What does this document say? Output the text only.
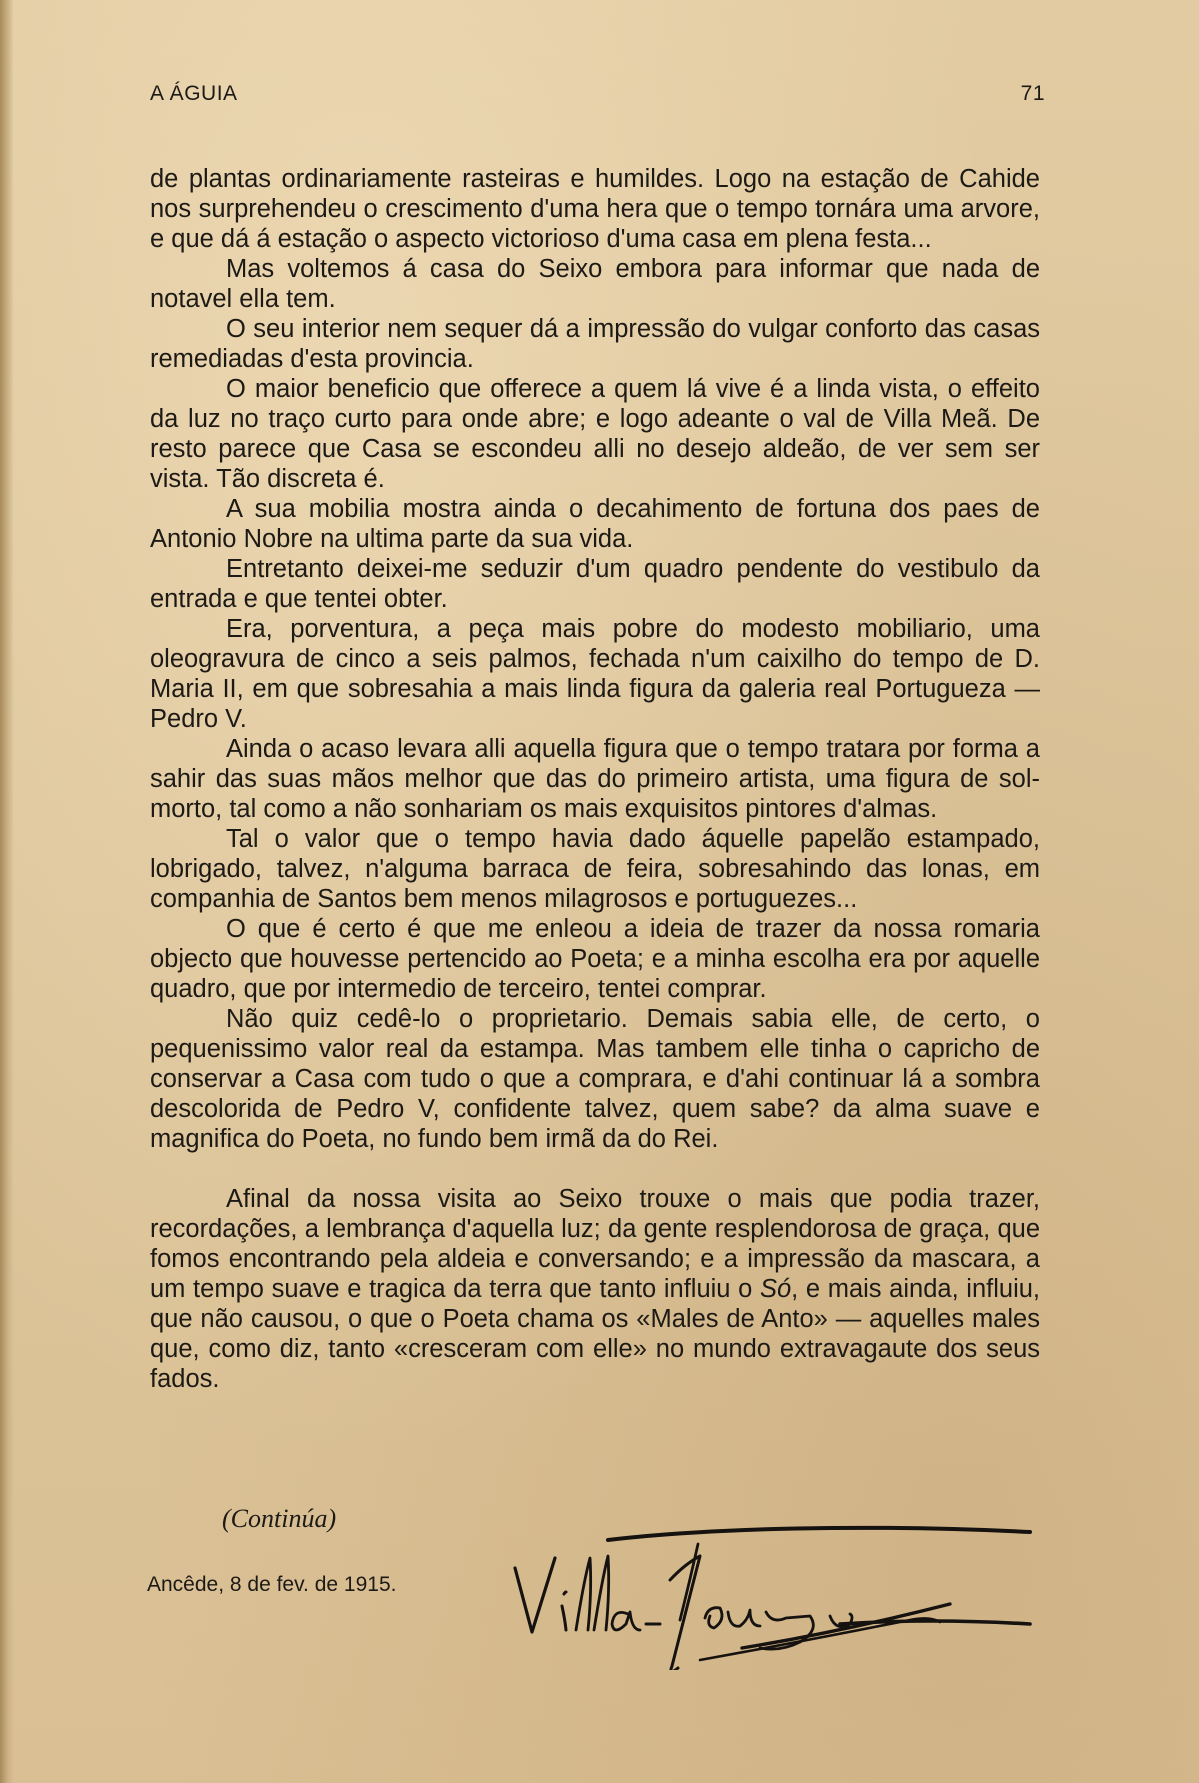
A ÁGUIA	71

de plantas ordinariamente rasteiras e humildes. Logo na estação de Cahide nos surprehendeu o crescimento d'uma hera que o tempo tornára uma arvore, e que dá á estação o aspecto victorioso d'uma casa em plena festa...

Mas voltemos á casa do Seixo embora para informar que nada de notavel ella tem.

O seu interior nem sequer dá a impressão do vulgar conforto das casas remediadas d'esta provincia.

O maior beneficio que offerece a quem lá vive é a linda vista, o effeito da luz no traço curto para onde abre; e logo adeante o val de Villa Meã. De resto parece que Casa se escondeu alli no desejo aldeão, de ver sem ser vista. Tão discreta é.

A sua mobilia mostra ainda o decahimento de fortuna dos paes de Antonio Nobre na ultima parte da sua vida.

Entretanto deixei-me seduzir d'um quadro pendente do vestibulo da entrada e que tentei obter.

Era, porventura, a peça mais pobre do modesto mobiliario, uma oleogravura de cinco a seis palmos, fechada n'um caixilho do tempo de D. Maria II, em que sobresahia a mais linda figura da galeria real Portugueza — Pedro V.

Ainda o acaso levara alli aquella figura que o tempo tratara por forma a sahir das suas mãos melhor que das do primeiro artista, uma figura de sol-morto, tal como a não sonhariam os mais exquisitos pintores d'almas.

Tal o valor que o tempo havia dado áquelle papelão estampado, lobrigado, talvez, n'alguma barraca de feira, sobresahindo das lonas, em companhia de Santos bem menos milagrosos e portuguezes...

O que é certo é que me enleou a ideia de trazer da nossa romaria objecto que houvesse pertencido ao Poeta; e a minha escolha era por aquelle quadro, que por intermedio de terceiro, tentei comprar.

Não quiz cedê-lo o proprietario. Demais sabia elle, de certo, o pequenissimo valor real da estampa. Mas tambem elle tinha o capricho de conservar a Casa com tudo o que a comprara, e d'ahi continuar lá a sombra descolorida de Pedro V, confidente talvez, quem sabe? da alma suave e magnifica do Poeta, no fundo bem irmã da do Rei.

Afinal da nossa visita ao Seixo trouxe o mais que podia trazer, recordações, a lembrança d'aquella luz; da gente resplendorosa de graça, que fomos encontrando pela aldeia e conversando; e a impressão da mascara, a um tempo suave e tragica da terra que tanto influiu o Só, e mais ainda, influiu, que não causou, o que o Poeta chama os «Males de Anto» — aquelles males que, como diz, tanto «cresceram com elle» no mundo extravagaute dos seus fados.

(Continúa)
Ancêde, 8 de fev. de 1915.
